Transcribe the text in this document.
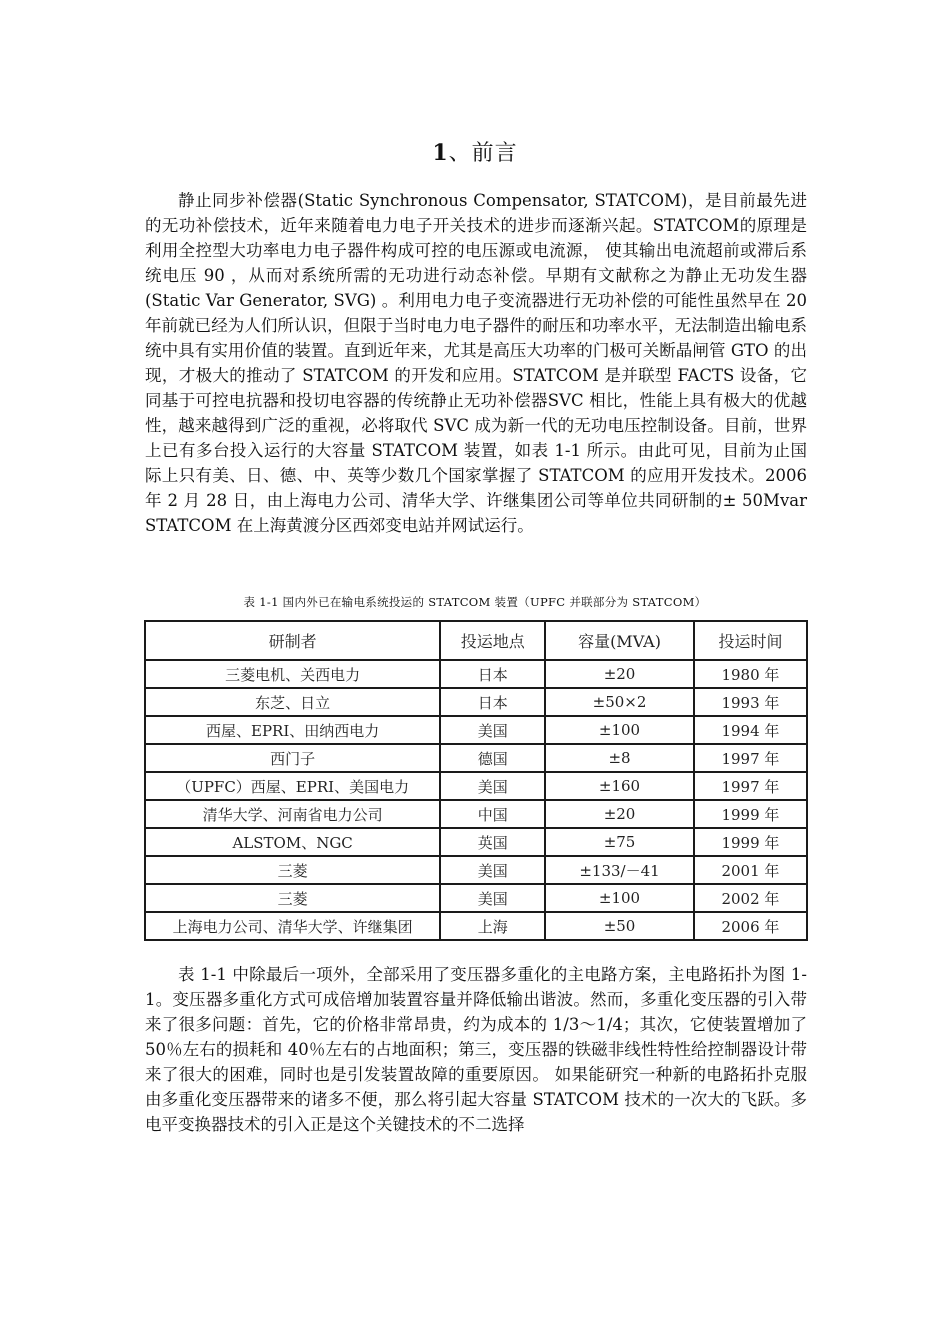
1、前言

静止同步补偿器(Static Synchronous Compensator, STATCOM)，是目前最先进的无功补偿技术，近年来随着电力电子开关技术的进步而逐渐兴起。STATCOM的原理是利用全控型大功率电力电子器件构成可控的电压源或电流源， 使其输出电流超前或滞后系统电压 90 ，从而对系统所需的无功进行动态补偿。早期有文献称之为静止无功发生器(Static Var Generator, SVG) 。利用电力电子变流器进行无功补偿的可能性虽然早在 20 年前就已经为人们所认识，但限于当时电力电子器件的耐压和功率水平，无法制造出输电系统中具有实用价值的装置。直到近年来，尤其是高压大功率的门极可关断晶闸管 GTO 的出现，才极大的推动了 STATCOM 的开发和应用。STATCOM 是并联型 FACTS 设备，它同基于可控电抗器和投切电容器的传统静止无功补偿器SVC 相比，性能上具有极大的优越性，越来越得到广泛的重视，必将取代 SVC 成为新一代的无功电压控制设备。目前，世界上已有多台投入运行的大容量 STATCOM 装置，如表 1-1 所示。由此可见，目前为止国际上只有美、日、德、中、英等少数几个国家掌握了 STATCOM 的应用开发技术。2006 年 2 月 28 日，由上海电力公司、清华大学、许继集团公司等单位共同研制的± 50Mvar STATCOM 在上海黄渡分区西郊变电站并网试运行。

表 1-1 国内外已在输电系统投运的 STATCOM 装置（UPFC 并联部分为 STATCOM）
研制者	投运地点	容量(MVA)	投运时间
三菱电机、关西电力	日本	±20	1980 年
东芝、日立	日本	±50×2	1993 年
西屋、EPRI、田纳西电力	美国	±100	1994 年
西门子	德国	±8	1997 年
（UPFC）西屋、EPRI、美国电力	美国	±160	1997 年
清华大学、河南省电力公司	中国	±20	1999 年
ALSTOM、NGC	英国	±75	1999 年
三菱	美国	±133/－41	2001 年
三菱	美国	±100	2002 年
上海电力公司、清华大学、许继集团	上海	±50	2006 年

表 1-1 中除最后一项外，全部采用了变压器多重化的主电路方案，主电路拓扑为图 1-1。变压器多重化方式可成倍增加装置容量并降低输出谐波。然而，多重化变压器的引入带来了很多问题：首先，它的价格非常昂贵，约为成本的 1/3～1/4；其次，它使装置增加了 50％左右的损耗和 40％左右的占地面积；第三，变压器的铁磁非线性特性给控制器设计带来了很大的困难，同时也是引发装置故障的重要原因。 如果能研究一种新的电路拓扑克服由多重化变压器带来的诸多不便，那么将引起大容量 STATCOM 技术的一次大的飞跃。多电平变换器技术的引入正是这个关键技术的不二选择
